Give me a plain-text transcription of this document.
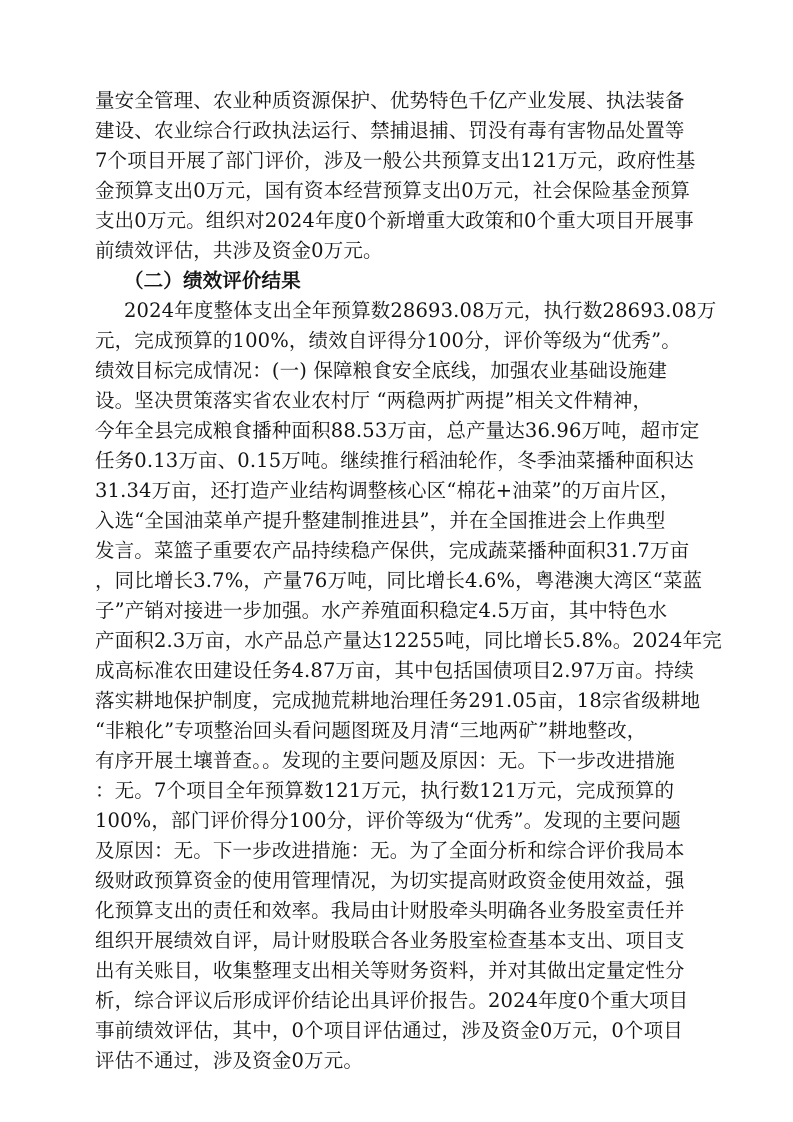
量安全管理、农业种质资源保护、优势特色千亿产业发展、执法装备
建设、农业综合行政执法运行、禁捕退捕、罚没有毒有害物品处置等
7个项目开展了部门评价，涉及一般公共预算支出121万元，政府性基
金预算支出0万元，国有资本经营预算支出0万元，社会保险基金预算
支出0万元。组织对2024年度0个新增重大政策和0个重大项目开展事
前绩效评估，共涉及资金0万元。
（二）绩效评价结果
2024年度整体支出全年预算数28693.08万元，执行数28693.08万
元，完成预算的100%，绩效自评得分100分，评价等级为“优秀”。
绩效目标完成情况：(一) 保障粮食安全底线，加强农业基础设施建
设。坚决贯策落实省农业农村厅 “两稳两扩两提”相关文件精神，
今年全县完成粮食播种面积88.53万亩，总产量达36.96万吨，超市定
任务0.13万亩、0.15万吨。继续推行稻油轮作，冬季油菜播种面积达
31.34万亩，还打造产业结构调整核心区“棉花+油菜”的万亩片区，
入选“全国油菜单产提升整建制推进县”，并在全国推进会上作典型
发言。菜篮子重要农产品持续稳产保供，完成蔬菜播种面积31.7万亩
，同比增长3.7%，产量76万吨，同比增长4.6%，粤港澳大湾区“菜蓝
子”产销对接进一步加强。水产养殖面积稳定4.5万亩，其中特色水
产面积2.3万亩，水产品总产量达12255吨，同比增长5.8%。2024年完
成高标准农田建设任务4.87万亩，其中包括国债项目2.97万亩。持续
落实耕地保护制度，完成抛荒耕地治理任务291.05亩，18宗省级耕地
“非粮化”专项整治回头看问题图斑及月清“三地两矿”耕地整改，
有序开展土壤普查。。发现的主要问题及原因：无。下一步改进措施
：无。7个项目全年预算数121万元，执行数121万元，完成预算的
100%，部门评价得分100分，评价等级为“优秀”。发现的主要问题
及原因：无。下一步改进措施：无。为了全面分析和综合评价我局本
级财政预算资金的使用管理情况，为切实提高财政资金使用效益，强
化预算支出的责任和效率。我局由计财股牵头明确各业务股室责任并
组织开展绩效自评，局计财股联合各业务股室检查基本支出、项目支
出有关账目，收集整理支出相关等财务资料，并对其做出定量定性分
析，综合评议后形成评价结论出具评价报告。2024年度0个重大项目
事前绩效评估，其中，0个项目评估通过，涉及资金0万元，0个项目
评估不通过，涉及资金0万元。
